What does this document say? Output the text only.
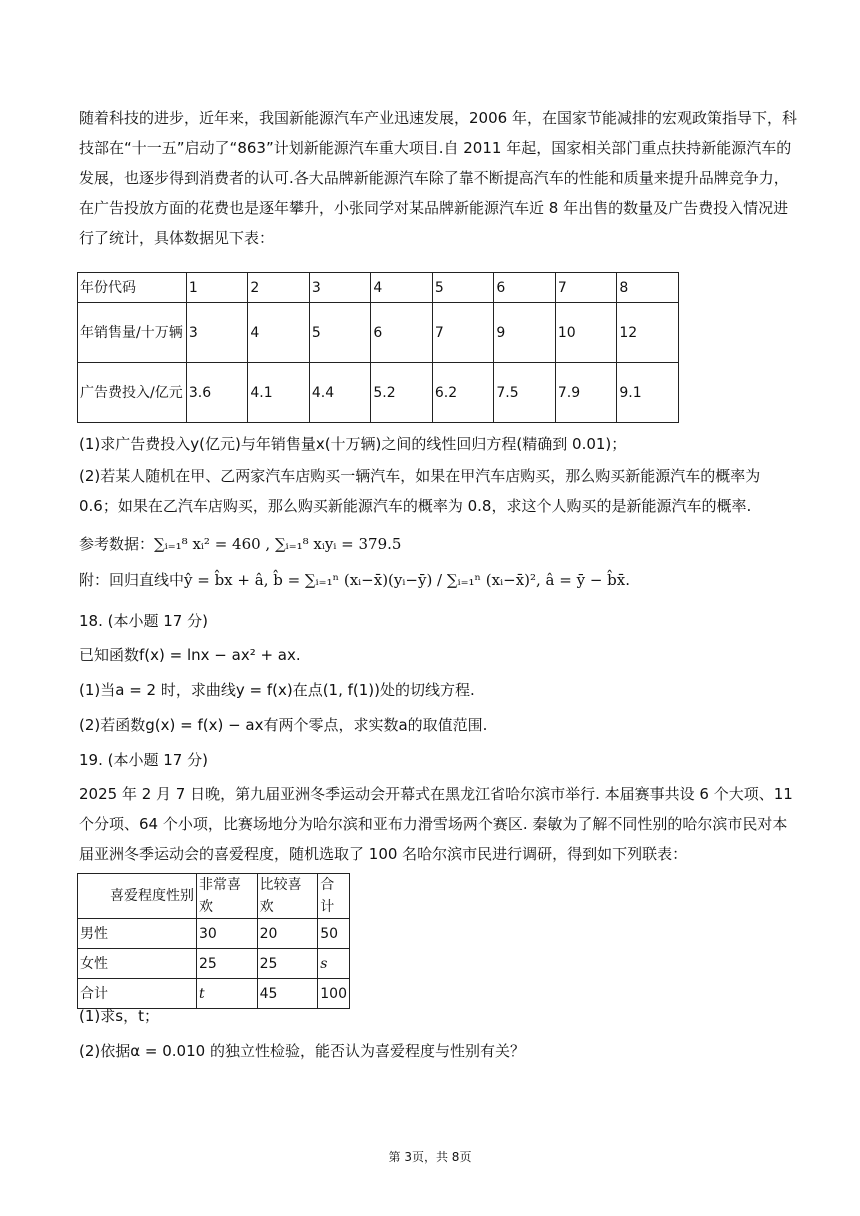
随着科技的进步，近年来，我国新能源汽车产业迅速发展，2006 年，在国家节能减排的宏观政策指导下，科技部在“十一五”启动了“863”计划新能源汽车重大项目.自 2011 年起，国家相关部门重点扶持新能源汽车的发展，也逐步得到消费者的认可.各大品牌新能源汽车除了靠不断提高汽车的性能和质量来提升品牌竞争力，在广告投放方面的花费也是逐年攀升，小张同学对某品牌新能源汽车近 8 年出售的数量及广告费投入情况进行了统计，具体数据见下表：

年份代码	1	2	3	4	5	6	7	8
年销售量/十万辆	3	4	5	6	7	9	10	12
广告费投入/亿元	3.6	4.1	4.4	5.2	6.2	7.5	7.9	9.1

(1)求广告费投入y(亿元)与年销售量x(十万辆)之间的线性回归方程(精确到 0.01)；

(2)若某人随机在甲、乙两家汽车店购买一辆汽车，如果在甲汽车店购买，那么购买新能源汽车的概率为 0.6；如果在乙汽车店购买，那么购买新能源汽车的概率为 0.8，求这个人购买的是新能源汽车的概率.

参考数据：∑ᵢ₌₁⁸ xᵢ² = 460 , ∑ᵢ₌₁⁸ xᵢyᵢ = 379.5

附：回归直线中ŷ = b̂x + â, b̂ = ∑ᵢ₌₁ⁿ (xᵢ−x̄)(yᵢ−ȳ) / ∑ᵢ₌₁ⁿ (xᵢ−x̄)², â = ȳ − b̂x̄.

18. (本小题 17 分)

已知函数f(x) = lnx − ax² + ax.

(1)当a = 2 时，求曲线y = f(x)在点(1, f(1))处的切线方程.

(2)若函数g(x) = f(x) − ax有两个零点，求实数a的取值范围.

19. (本小题 17 分)

2025 年 2 月 7 日晚，第九届亚洲冬季运动会开幕式在黑龙江省哈尔滨市举行. 本届赛事共设 6 个大项、11 个分项、64 个小项，比赛场地分为哈尔滨和亚布力滑雪场两个赛区. 秦敏为了解不同性别的哈尔滨市民对本届亚洲冬季运动会的喜爱程度，随机选取了 100 名哈尔滨市民进行调研，得到如下列联表：

喜爱程度性别	非常喜欢	比较喜欢	合计
男性	30	20	50
女性	25	25	s
合计	t	45	100

(1)求s，t；

(2)依据α = 0.010 的独立性检验，能否认为喜爱程度与性别有关？

第 3页，共 8页
